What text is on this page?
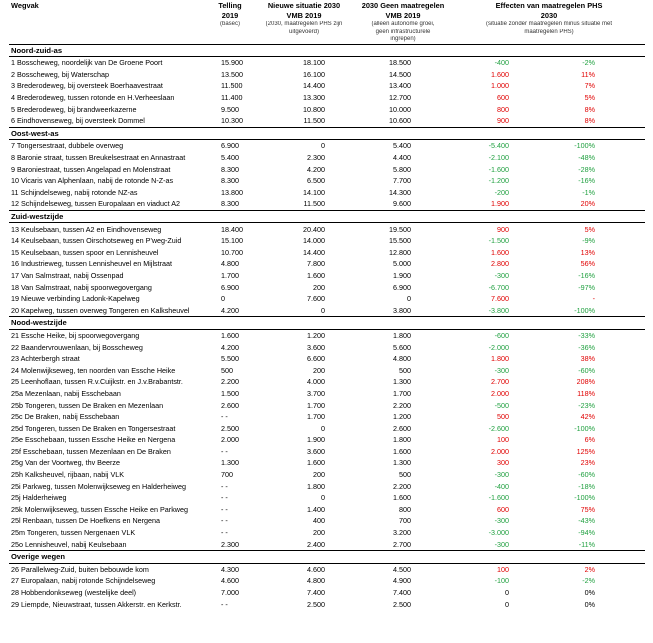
Wegvak	Telling	Nieuwe situatie 2030	2030 Geen maatregelen	Effecten van maatregelen PHS	
	2019	VMB 2019	VMB 2019	2030	
	(basec)	(2030, maatregelen PHS zijn	(alleen autonome groei,	(situatie zonder maatregelen minus situatie met	
		uitgevoerd)	geen infrastructurele	maatregelen PHS)	
			ingrepen)		
Noord-zuid-as					
1 Bosscheweg, noordelijk van De Groene Poort	15.900	18.100	18.500	-400	-2%
2 Bosscheweg, bij Waterschap	13.500	16.100	14.500	1.600	11%
3 Brederodeweg, bij oversteek Boerhaavestraat	11.500	14.400	13.400	1.000	7%
4 Brederodeweg, tussen rotonde en H.Verheeslaan	11.400	13.300	12.700	600	5%
5 Brederodeweg, bij brandweerkazerne	9.500	10.800	10.000	800	8%
6 Eindhovenseweg, bij oversteek Dommel	10.300	11.500	10.600	900	8%
Oost-west-as					
7 Tongersestraat, dubbele overweg	6.900	0	5.400	-5.400	-100%
8 Baronie straat, tussen Breukelsestraat en Annastraat	5.400	2.300	4.400	-2.100	-48%
9 Baroniestraat, tussen Angelapad en Molenstraat	8.300	4.200	5.800	-1.600	-28%
10 Vicaris van Alphenlaan, nabij de rotonde N-Z-as	8.300	6.500	7.700	-1.200	-16%
11 Schijndelseweg, nabij rotonde NZ-as	13.800	14.100	14.300	-200	-1%
12 Schijndelseweg, tussen Europalaan en viaduct A2	8.300	11.500	9.600	1.900	20%
Zuid-westzijde					
13 Keulsebaan, tussen A2 en Eindhovenseweg	18.400	20.400	19.500	900	5%
14 Keulsebaan, tussen Oirschotseweg en P'weg-Zuid	15.100	14.000	15.500	-1.500	-9%
15 Keulsebaan, tussen spoor en Lennisheuvel	10.700	14.400	12.800	1.600	13%
16 Industrieweg, tussen Lennisheuvel en Mijlstraat	4.800	7.800	5.000	2.800	56%
17 Van Salmstraat, nabij Ossenpad	1.700	1.600	1.900	-300	-16%
18 Van Salmstraat, nabij spoorwegovergang	6.900	200	6.900	-6.700	-97%
19 Nieuwe verbinding Ladonk-Kapelweg	0	7.600	0	7.600	-
20 Kapelweg, tussen overweg Tongeren en Kalksheuvel	4.200	0	3.800	-3.800	-100%
Nood-westzijde					
21 Essche Heike, bij spoorwegovergang	1.600	1.200	1.800	-600	-33%
22 Baandervrouwenlaan, bij Bosscheweg	4.200	3.600	5.600	-2.000	-36%
23 Achterbergh straat	5.500	6.600	4.800	1.800	38%
24 Molenwijkseweg, ten noorden van Essche Heike	500	200	500	-300	-60%
25 Leenhoflaan, tussen R.v.Cuijkstr. en J.v.Brabantstr.	2.200	4.000	1.300	2.700	208%
25a Mezenlaan, nabij Esschebaan	1.500	3.700	1.700	2.000	118%
25b Tongeren, tussen De Braken en Mezenlaan	2.600	1.700	2.200	-500	-23%
25c De Braken, nabij Esschebaan	- -	1.700	1.200	500	42%
25d Tongeren, tussen De Braken en Tongersestraat	2.500	0	2.600	-2.600	-100%
25e Esschebaan, tussen Essche Heike en Nergena	2.000	1.900	1.800	100	6%
25f Esschebaan, tussen Mezenlaan en De Braken	- -	3.600	1.600	2.000	125%
25g Van der Voortweg, thv Beerze	1.300	1.600	1.300	300	23%
25h Kalksheuvel, rijbaan, nabij VLK	700	200	500	-300	-60%
25i Parkweg, tussen Molenwijkseweg en Halderheiweg	- -	1.800	2.200	-400	-18%
25j Halderheiweg	- -	0	1.600	-1.600	-100%
25k Molenwijkseweg, tussen Essche Heike en Parkweg	- -	1.400	800	600	75%
25l Renbaan, tussen De Hoefkens en Nergena	- -	400	700	-300	-43%
25m Tongeren, tussen Nergenaen VLK	- -	200	3.200	-3.000	-94%
25o Lennisheuvel, nabij Keulsebaan	2.300	2.400	2.700	-300	-11%
Overige wegen					
26 Parallelweg-Zuid, buiten bebouwde kom	4.300	4.600	4.500	100	2%
27 Europalaan, nabij rotonde Schijndelseweg	4.600	4.800	4.900	-100	-2%
28 Hobbendonkseweg (westelijke deel)	7.000	7.400	7.400	0	0%
29 Liempde, Nieuwstraat, tussen Akkerstr. en Kerkstr.	- -	2.500	2.500	0	0%
